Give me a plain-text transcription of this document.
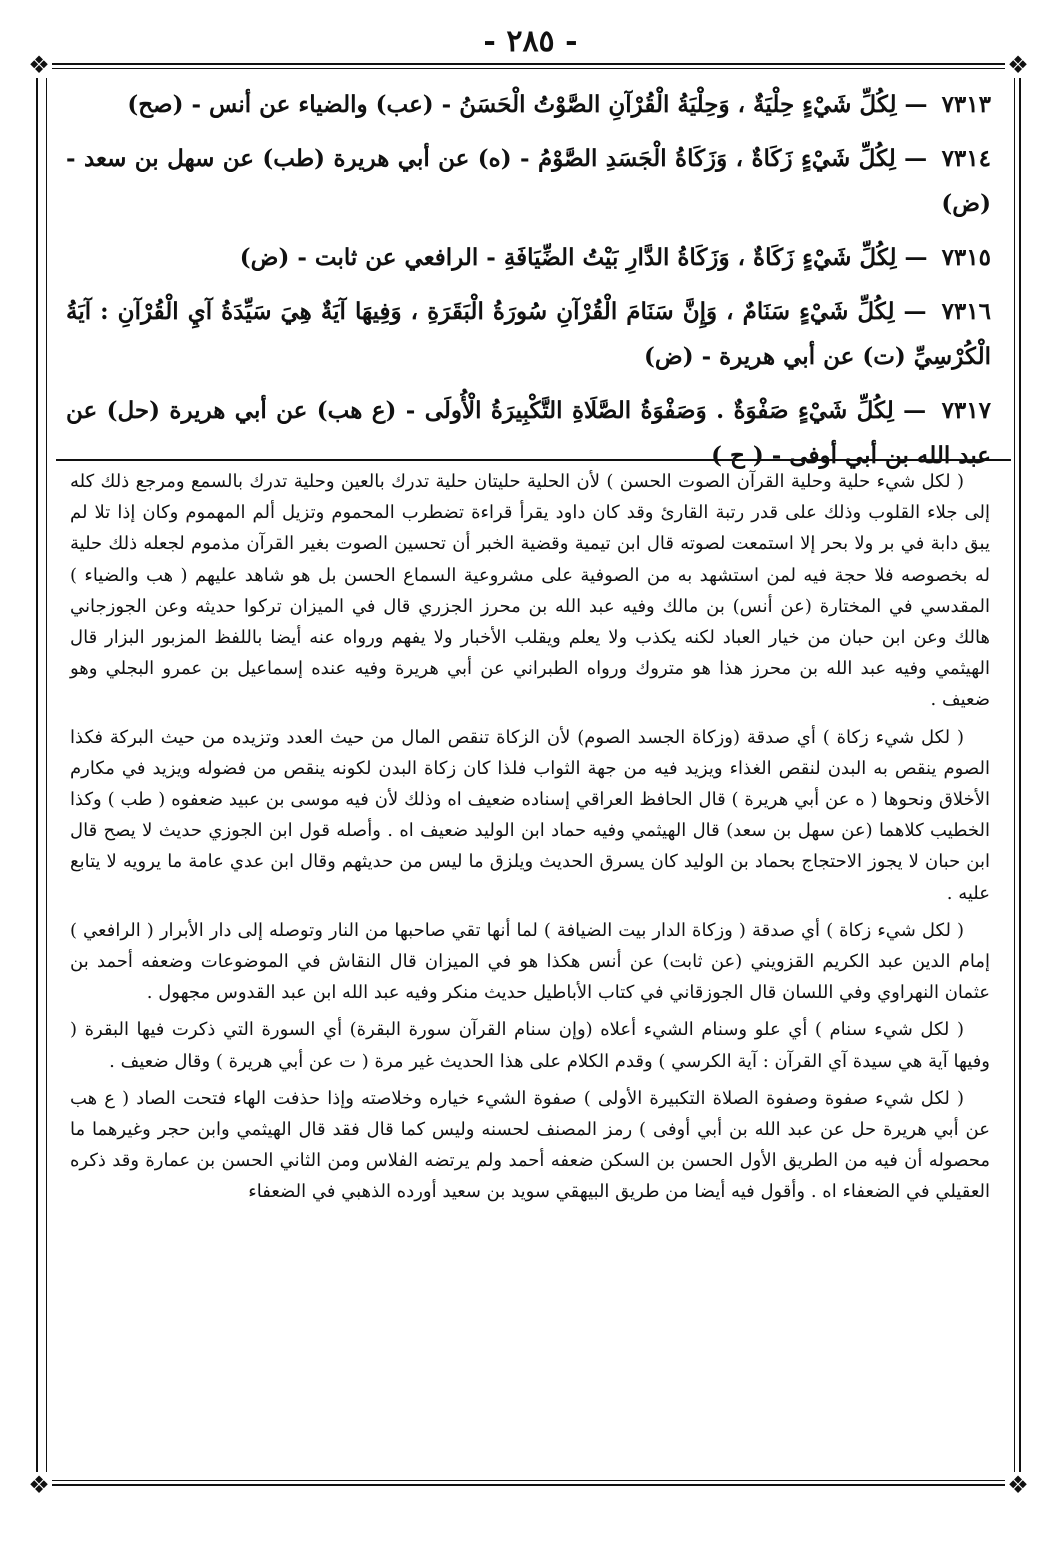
- ٢٨٥ -
❖	❖
❖	❖
٧٣١٣ — لِكُلِّ شَيْءٍ حِلْيَةٌ ، وَحِلْيَةُ الْقُرْآنِ الصَّوْتُ الْحَسَنُ - (عب) والضياء عن أنس - (صح)
٧٣١٤ — لِكُلِّ شَيْءٍ زَكَاةٌ ، وَزَكَاةُ الْجَسَدِ الصَّوْمُ - (ه) عن أبي هريرة (طب) عن سهل بن سعد - (ض)
٧٣١٥ — لِكُلِّ شَيْءٍ زَكَاةٌ ، وَزَكَاةُ الدَّارِ بَيْتُ الضِّيَافَةِ - الرافعي عن ثابت - (ض)
٧٣١٦ — لِكُلِّ شَيْءٍ سَنَامٌ ، وَإِنَّ سَنَامَ الْقُرْآنِ سُورَةُ الْبَقَرَةِ ، وَفِيهَا آيَةٌ هِيَ سَيِّدَةُ آيِ الْقُرْآنِ : آيَةُ الْكُرْسِيِّ (ت) عن أبي هريرة - (ض)
٧٣١٧ — لِكُلِّ شَيْءٍ صَفْوَةٌ . وَصَفْوَةُ الصَّلَاةِ التَّكْبِيرَةُ الْأُولَى - (ع هب) عن أبي هريرة (حل) عن عبد الله بن أبي أوفى - ( ح )

( لكل شيء حلية وحلية القرآن الصوت الحسن ) لأن الحلية حليتان حلية تدرك بالعين وحلية تدرك بالسمع ومرجع ذلك كله إلى جلاء القلوب وذلك على قدر رتبة القارئ وقد كان داود يقرأ قراءة تضطرب المحموم وتزيل ألم المهموم وكان إذا تلا لم يبق دابة في بر ولا بحر إلا استمعت لصوته قال ابن تيمية وقضية الخبر أن تحسين الصوت بغير القرآن مذموم لجعله ذلك حلية له بخصوصه فلا حجة فيه لمن استشهد به من الصوفية على مشروعية السماع الحسن بل هو شاهد عليهم ( هب والضياء ) المقدسي في المختارة (عن أنس) بن مالك وفيه عبد الله بن محرز الجزري قال في الميزان تركوا حديثه وعن الجوزجاني هالك وعن ابن حبان من خيار العباد لكنه يكذب ولا يعلم ويقلب الأخبار ولا يفهم ورواه عنه أيضا باللفظ المزبور البزار قال الهيثمي وفيه عبد الله بن محرز هذا هو متروك ورواه الطبراني عن أبي هريرة وفيه عنده إسماعيل بن عمرو البجلي وهو ضعيف .

( لكل شيء زكاة ) أي صدقة (وزكاة الجسد الصوم) لأن الزكاة تنقص المال من حيث العدد وتزيده من حيث البركة فكذا الصوم ينقص به البدن لنقص الغذاء ويزيد فيه من جهة الثواب فلذا كان زكاة البدن لكونه ينقص من فضوله ويزيد في مكارم الأخلاق ونحوها ( ه عن أبي هريرة ) قال الحافظ العراقي إسناده ضعيف اه وذلك لأن فيه موسى بن عبيد ضعفوه ( طب ) وكذا الخطيب كلاهما (عن سهل بن سعد) قال الهيثمي وفيه حماد ابن الوليد ضعيف اه . وأصله قول ابن الجوزي حديث لا يصح قال ابن حبان لا يجوز الاحتجاج بحماد بن الوليد كان يسرق الحديث ويلزق ما ليس من حديثهم وقال ابن عدي عامة ما يرويه لا يتابع عليه .

( لكل شيء زكاة ) أي صدقة ( وزكاة الدار بيت الضيافة ) لما أنها تقي صاحبها من النار وتوصله إلى دار الأبرار ( الرافعي ) إمام الدين عبد الكريم القزويني (عن ثابت) عن أنس هكذا هو في الميزان قال النقاش في الموضوعات وضعفه أحمد بن عثمان النهراوي وفي اللسان قال الجوزقاني في كتاب الأباطيل حديث منكر وفيه عبد الله ابن عبد القدوس مجهول .

( لكل شيء سنام ) أي علو وسنام الشيء أعلاه (وإن سنام القرآن سورة البقرة) أي السورة التي ذكرت فيها البقرة ( وفيها آية هي سيدة آي القرآن : آية الكرسي ) وقدم الكلام على هذا الحديث غير مرة ( ت عن أبي هريرة ) وقال ضعيف .

( لكل شيء صفوة وصفوة الصلاة التكبيرة الأولى ) صفوة الشيء خياره وخلاصته وإذا حذفت الهاء فتحت الصاد ( ع هب عن أبي هريرة حل عن عبد الله بن أبي أوفى ) رمز المصنف لحسنه وليس كما قال فقد قال الهيثمي وابن حجر وغيرهما ما محصوله أن فيه من الطريق الأول الحسن بن السكن ضعفه أحمد ولم يرتضه الفلاس ومن الثاني الحسن بن عمارة وقد ذكره العقيلي في الضعفاء اه . وأقول فيه أيضا من طريق البيهقي سويد بن سعيد أورده الذهبي في الضعفاء
